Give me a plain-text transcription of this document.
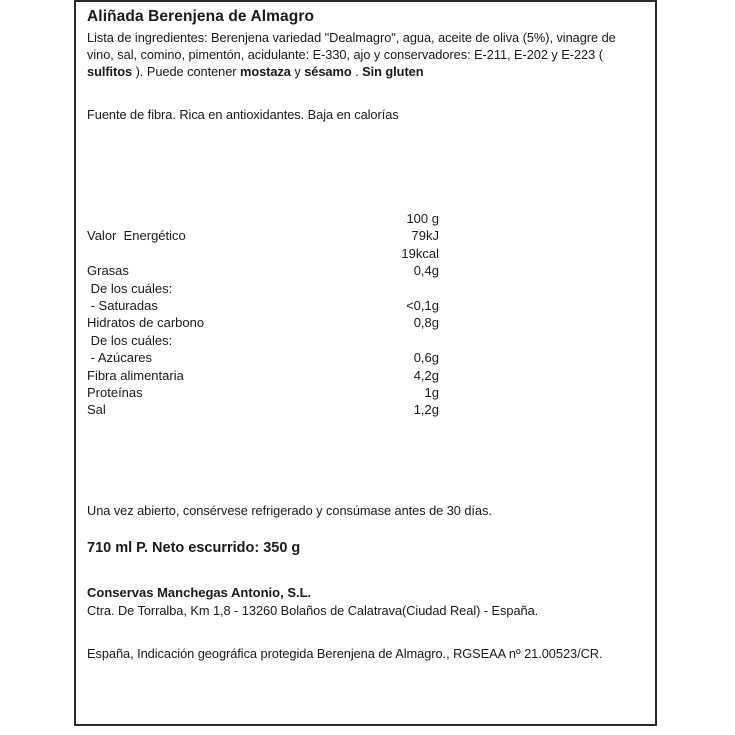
Aliñada Berenjena de Almagro

Lista de ingredientes: Berenjena variedad "Dealmagro", agua, aceite de oliva (5%), vinagre de vino, sal, comino, pimentón, acidulante: E-330, ajo y conservadores: E-211, E-202 y E-223 ( sulfitos ). Puede contener mostaza y sésamo . Sin gluten

Fuente de fibra. Rica en antioxidantes. Baja en calorías

	100 g
Valor  Energético	79kJ
	19kcal
Grasas	0,4g
De los cuáles:	
- Saturadas	<0,1g
Hidratos de carbono	0,8g
De los cuáles:	
- Azúcares	0,6g
Fibra alimentaria	4,2g
Proteínas	1g
Sal	1,2g

Una vez abierto, consérvese refrigerado y consúmase antes de 30 días.

710 ml P. Neto escurrido: 350 g

Conservas Manchegas Antonio, S.L.

Ctra. De Torralba, Km 1,8 - 13260 Bolaños de Calatrava(Ciudad Real) - España.

España, Indicación geográfica protegida Berenjena de Almagro., RGSEAA nº 21.00523/CR.
